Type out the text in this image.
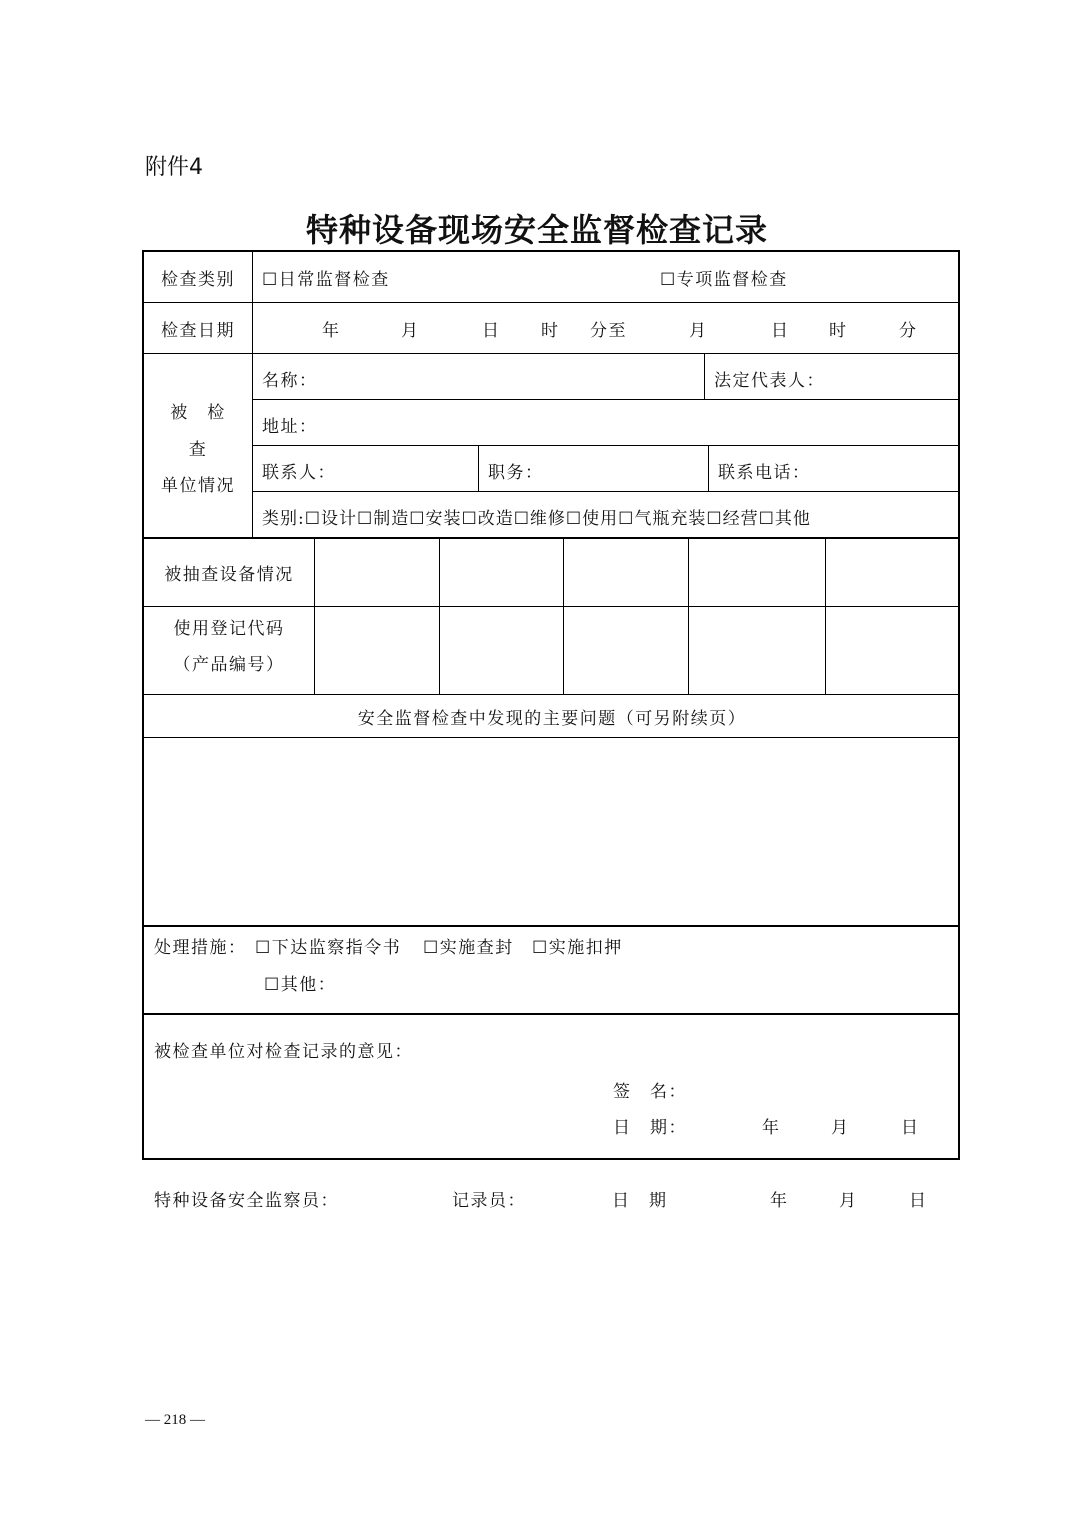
附件4
特种设备现场安全监督检查记录
检查类别	☐日常监督检查	☐专项监督检查
检查日期	年	月	日 时 分至	月	日 时	分
被　检
查
单位情况
名称：	法定代表人：
地址：
联系人：	职务：	联系电话：
类别:☐设计☐制造☐安装☐改造☐维修☐使用☐气瓶充装☐经营☐其他
被抽查设备情况
使用登记代码
（产品编号）
安全监督检查中发现的主要问题（可另附续页）
处理措施： ☐下达监察指令书 ☐实施查封 ☐实施扣押
☐其他：
被检查单位对检查记录的意见：
签　名：
日　期：	年	月	日
特种设备安全监察员：	记录员：	日　期	年	月	日
— 218 —
